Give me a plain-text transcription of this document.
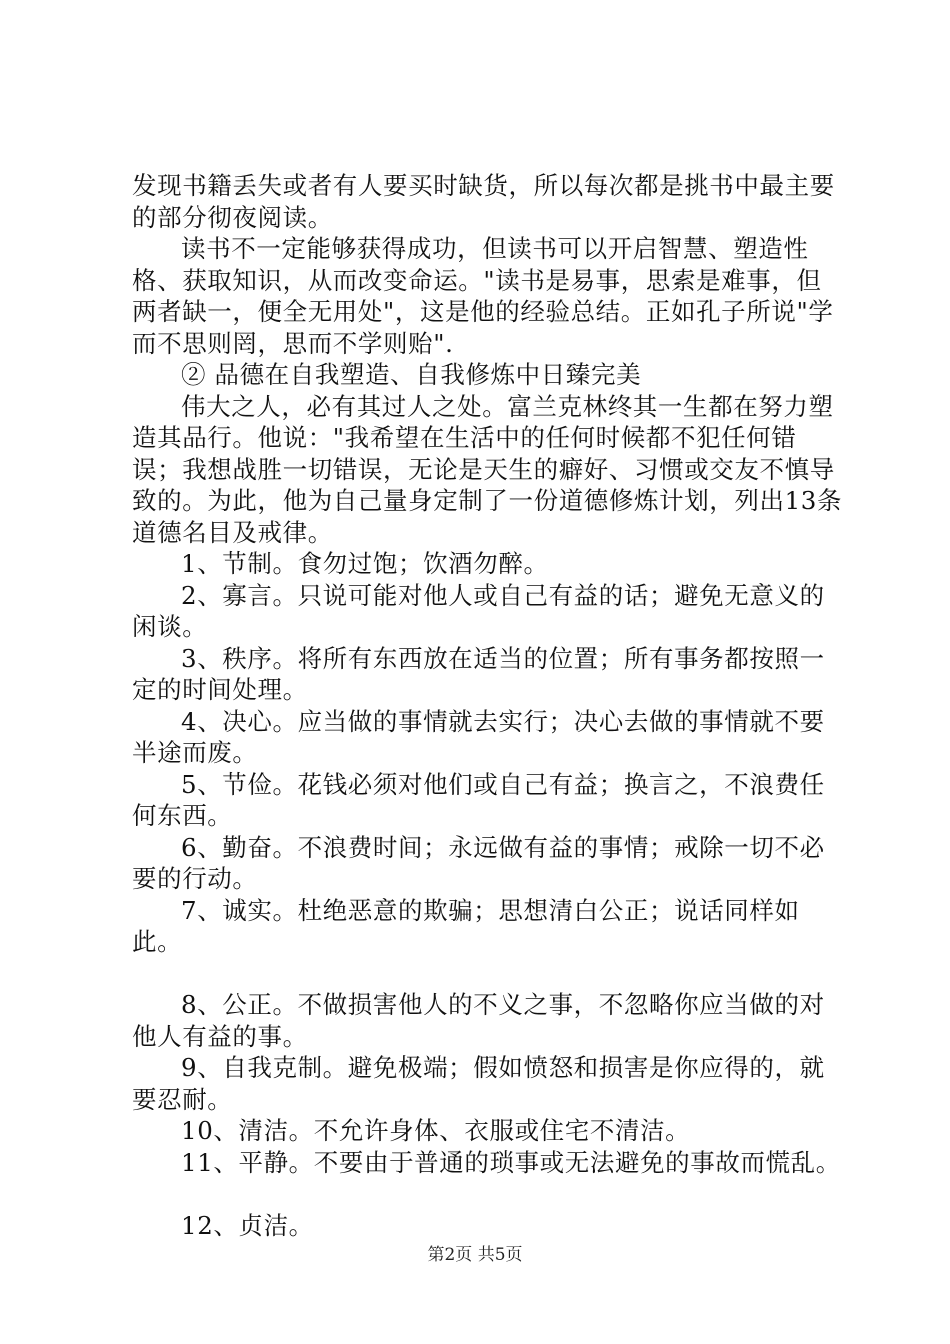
发现书籍丢失或者有人要买时缺货，所以每次都是挑书中最主要的部分彻夜阅读。

读书不一定能够获得成功，但读书可以开启智慧、塑造性格、获取知识，从而改变命运。"读书是易事，思索是难事，但两者缺一，便全无用处"，这是他的经验总结。正如孔子所说"学而不思则罔，思而不学则贻".

② 品德在自我塑造、自我修炼中日臻完美

伟大之人，必有其过人之处。富兰克林终其一生都在努力塑造其品行。他说："我希望在生活中的任何时候都不犯任何错误；我想战胜一切错误，无论是天生的癖好、习惯或交友不慎导致的。为此，他为自己量身定制了一份道德修炼计划，列出13条道德名目及戒律。

1、节制。食勿过饱；饮酒勿醉。

2、寡言。只说可能对他人或自己有益的话；避免无意义的闲谈。

3、秩序。将所有东西放在适当的位置；所有事务都按照一定的时间处理。

4、决心。应当做的事情就去实行；决心去做的事情就不要半途而废。

5、节俭。花钱必须对他们或自己有益；换言之，不浪费任何东西。

6、勤奋。不浪费时间；永远做有益的事情；戒除一切不必要的行动。

7、诚实。杜绝恶意的欺骗；思想清白公正；说话同样如此。

8、公正。不做损害他人的不义之事，不忽略你应当做的对他人有益的事。

9、自我克制。避免极端；假如愤怒和损害是你应得的，就要忍耐。

10、清洁。不允许身体、衣服或住宅不清洁。

11、平静。不要由于普通的琐事或无法避免的事故而慌乱。

12、贞洁。

第2页 共5页
